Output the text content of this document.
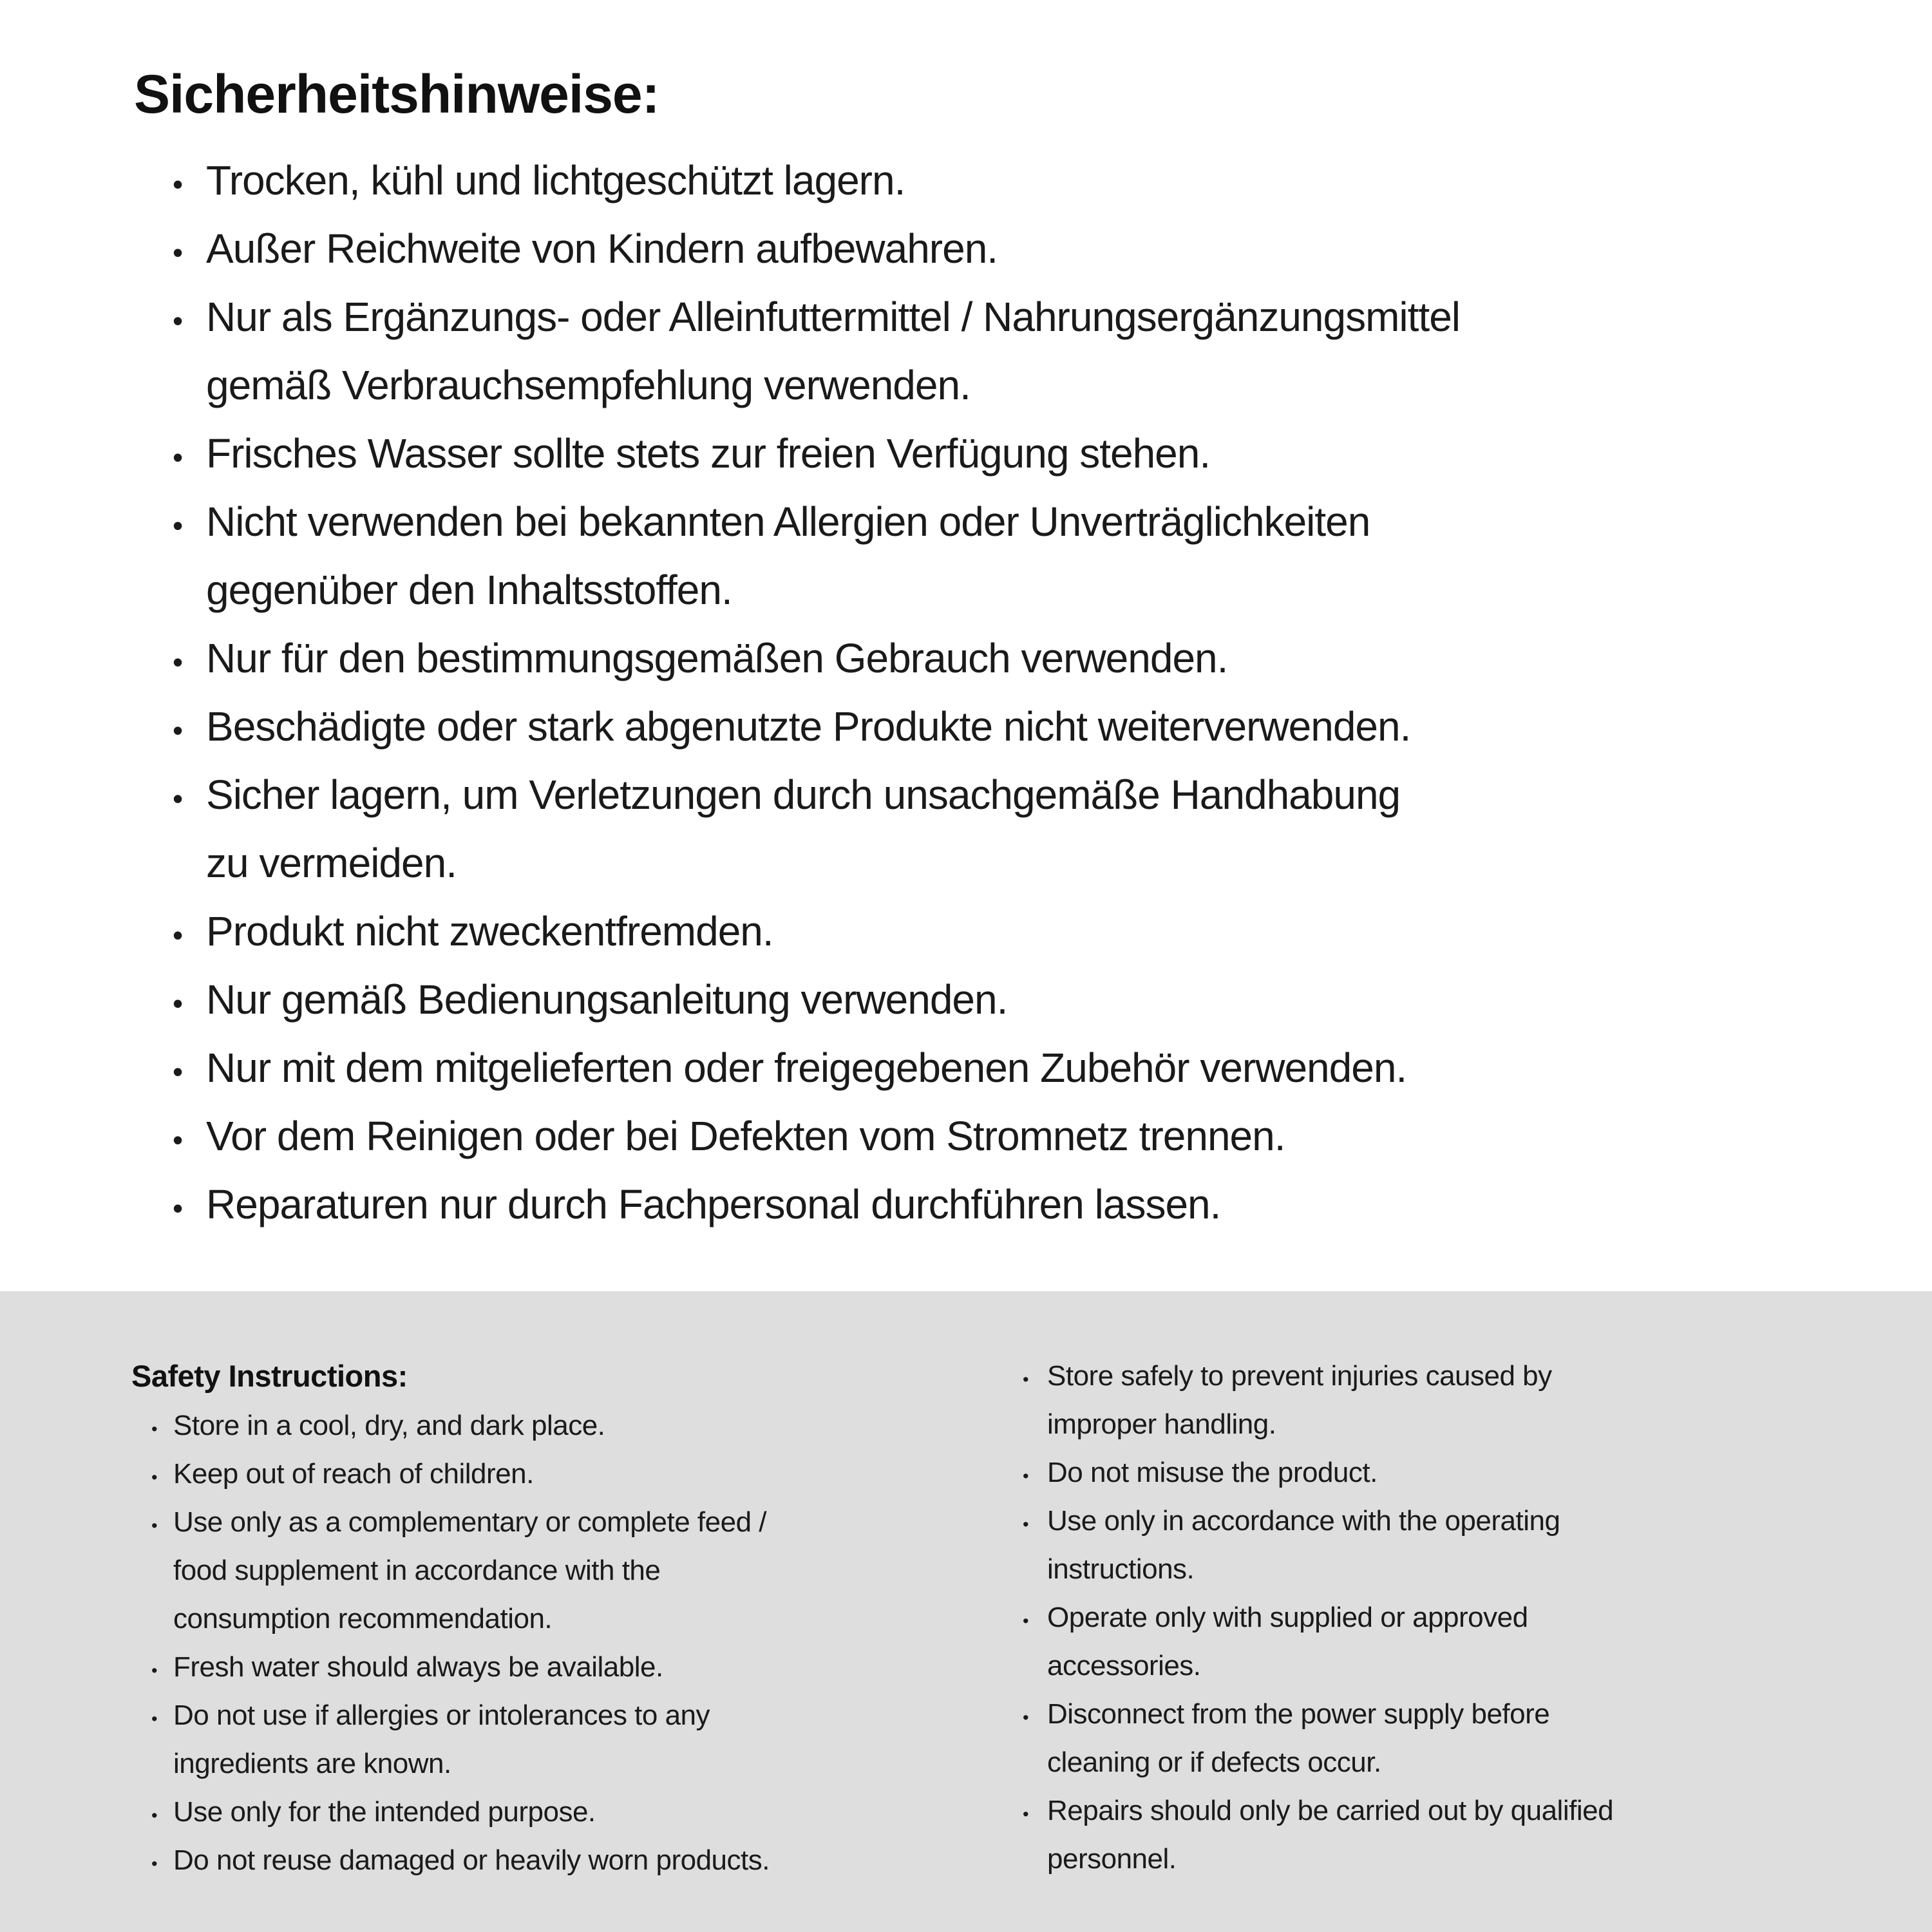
Sicherheitshinweise:
• Trocken, kühl und lichtgeschützt lagern.
• Außer Reichweite von Kindern aufbewahren.
• Nur als Ergänzungs- oder Alleinfuttermittel / Nahrungsergänzungsmittel
gemäß Verbrauchsempfehlung verwenden.
• Frisches Wasser sollte stets zur freien Verfügung stehen.
• Nicht verwenden bei bekannten Allergien oder Unverträglichkeiten
gegenüber den Inhaltsstoffen.
• Nur für den bestimmungsgemäßen Gebrauch verwenden.
• Beschädigte oder stark abgenutzte Produkte nicht weiterverwenden.
• Sicher lagern, um Verletzungen durch unsachgemäße Handhabung
zu vermeiden.
• Produkt nicht zweckentfremden.
• Nur gemäß Bedienungsanleitung verwenden.
• Nur mit dem mitgelieferten oder freigegebenen Zubehör verwenden.
• Vor dem Reinigen oder bei Defekten vom Stromnetz trennen.
• Reparaturen nur durch Fachpersonal durchführen lassen.
Safety Instructions:
• Store in a cool, dry, and dark place.
• Keep out of reach of children.
• Use only as a complementary or complete feed /
food supplement in accordance with the
consumption recommendation.
• Fresh water should always be available.
• Do not use if allergies or intolerances to any
ingredients are known.
• Use only for the intended purpose.
• Do not reuse damaged or heavily worn products.
• Store safely to prevent injuries caused by
improper handling.
• Do not misuse the product.
• Use only in accordance with the operating
instructions.
• Operate only with supplied or approved
accessories.
• Disconnect from the power supply before
cleaning or if defects occur.
• Repairs should only be carried out by qualified
personnel.
